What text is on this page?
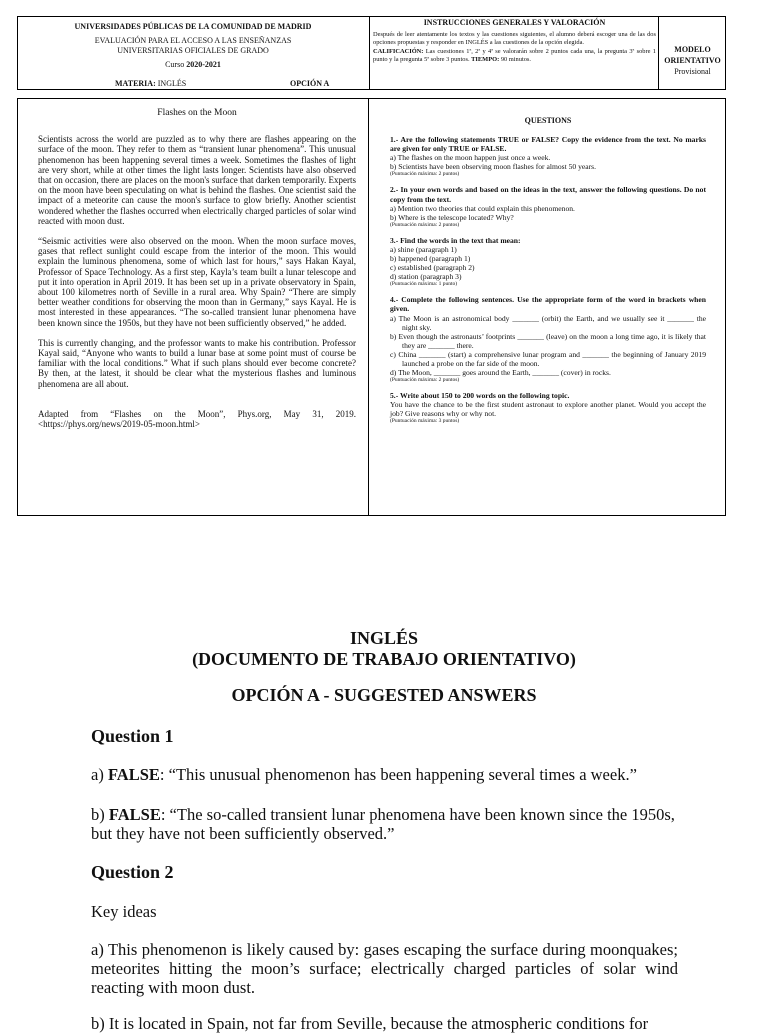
UNIVERSIDADES PÚBLICAS DE LA COMUNIDAD DE MADRID

EVALUACIÓN PARA EL ACCESO A LAS ENSEÑANZAS

UNIVERSITARIAS OFICIALES DE GRADO

Curso 2020-2021

MATERIA: INGLÉS	OPCIÓN A

INSTRUCCIONES GENERALES Y VALORACIÓN

Después de leer atentamente los textos y las cuestiones siguientes, el alumno deberá escoger una de las dos opciones propuestas y responder en INGLÉS a las cuestiones de la opción elegida.

CALIFICACIÓN: Las cuestiones 1ª, 2ª y 4ª se valorarán sobre 2 puntos cada una, la pregunta 3ª sobre 1 punto y la pregunta 5ª sobre 3 puntos. TIEMPO: 90 minutos.

MODELO

ORIENTATIVO

Provisional

Flashes on the Moon

Scientists across the world are puzzled as to why there are flashes appearing on the surface of the moon. They refer to them as “transient lunar phenomena”. This unusual phenomenon has been happening several times a week. Sometimes the flashes of light are very short, while at other times the light lasts longer. Scientists have also observed that on occasion, there are places on the moon's surface that darken temporarily. Experts on the moon have been speculating on what is behind the flashes. One scientist said the impact of a meteorite can cause the moon's surface to glow briefly. Another scientist wondered whether the flashes occurred when electrically charged particles of solar wind reacted with moon dust.

“Seismic activities were also observed on the moon. When the moon surface moves, gases that reflect sunlight could escape from the interior of the moon. This would explain the luminous phenomena, some of which last for hours,” says Hakan Kayal, Professor of Space Technology. As a first step, Kayla’s team built a lunar telescope and put it into operation in April 2019. It has been set up in a private observatory in Spain, about 100 kilometres north of Seville in a rural area. Why Spain? “There are simply better weather conditions for observing the moon than in Germany,” says Kayal. He is most interested in these appearances. “The so-called transient lunar phenomena have been known since the 1950s, but they have not been sufficiently observed,” he added.

This is currently changing, and the professor wants to make his contribution. Professor Kayal said, “Anyone who wants to build a lunar base at some point must of course be familiar with the local conditions.” What if such plans should ever become concrete? By then, at the latest, it should be clear what the mysterious flashes and luminous phenomena are all about.

Adapted from “Flashes on the Moon”, Phys.org, May 31, 2019. <https://phys.org/news/2019-05-moon.html>

QUESTIONS

1.- Are the following statements TRUE or FALSE? Copy the evidence from the text. No marks are given for only TRUE or FALSE.

a) The flashes on the moon happen just once a week.

b) Scientists have been observing moon flashes for almost 50 years.

(Puntuación máxima: 2 puntos)

2.- In your own words and based on the ideas in the text, answer the following questions. Do not copy from the text.

a) Mention two theories that could explain this phenomenon.

b) Where is the telescope located? Why?

(Puntuación máxima: 2 puntos)

3.- Find the words in the text that mean:

a) shine (paragraph 1)

b) happened (paragraph 1)

c) established (paragraph 2)

d) station (paragraph 3)

(Puntuación máxima: 1 punto)

4.- Complete the following sentences. Use the appropriate form of the word in brackets when given.

a) The Moon is an astronomical body _______ (orbit) the Earth, and we usually see it _______ the night sky.

b) Even though the astronauts’ footprints _______ (leave) on the moon a long time ago, it is likely that they are _______ there.

c) China _______ (start) a comprehensive lunar program and _______ the beginning of January 2019 launched a probe on the far side of the moon.

d) The Moon, _______ goes around the Earth, _______ (cover) in rocks.

(Puntuación máxima: 2 puntos)

5.- Write about 150 to 200 words on the following topic.

You have the chance to be the first student astronaut to explore another planet. Would you accept the job? Give reasons why or why not.

(Puntuación máxima: 3 puntos)

INGLÉS

(DOCUMENTO DE TRABAJO ORIENTATIVO)

OPCIÓN A - SUGGESTED ANSWERS

Question 1
a) FALSE: “This unusual phenomenon has been happening several times a week.”
b) FALSE: “The so-called transient lunar phenomena have been known since the 1950s, but they have not been sufficiently observed.”
Question 2
Key ideas
a) This phenomenon is likely caused by: gases escaping the surface during moonquakes; meteorites hitting the moon’s surface; electrically charged particles of solar wind reacting with moon dust.
b) It is located in Spain, not far from Seville, because the atmospheric conditions for
